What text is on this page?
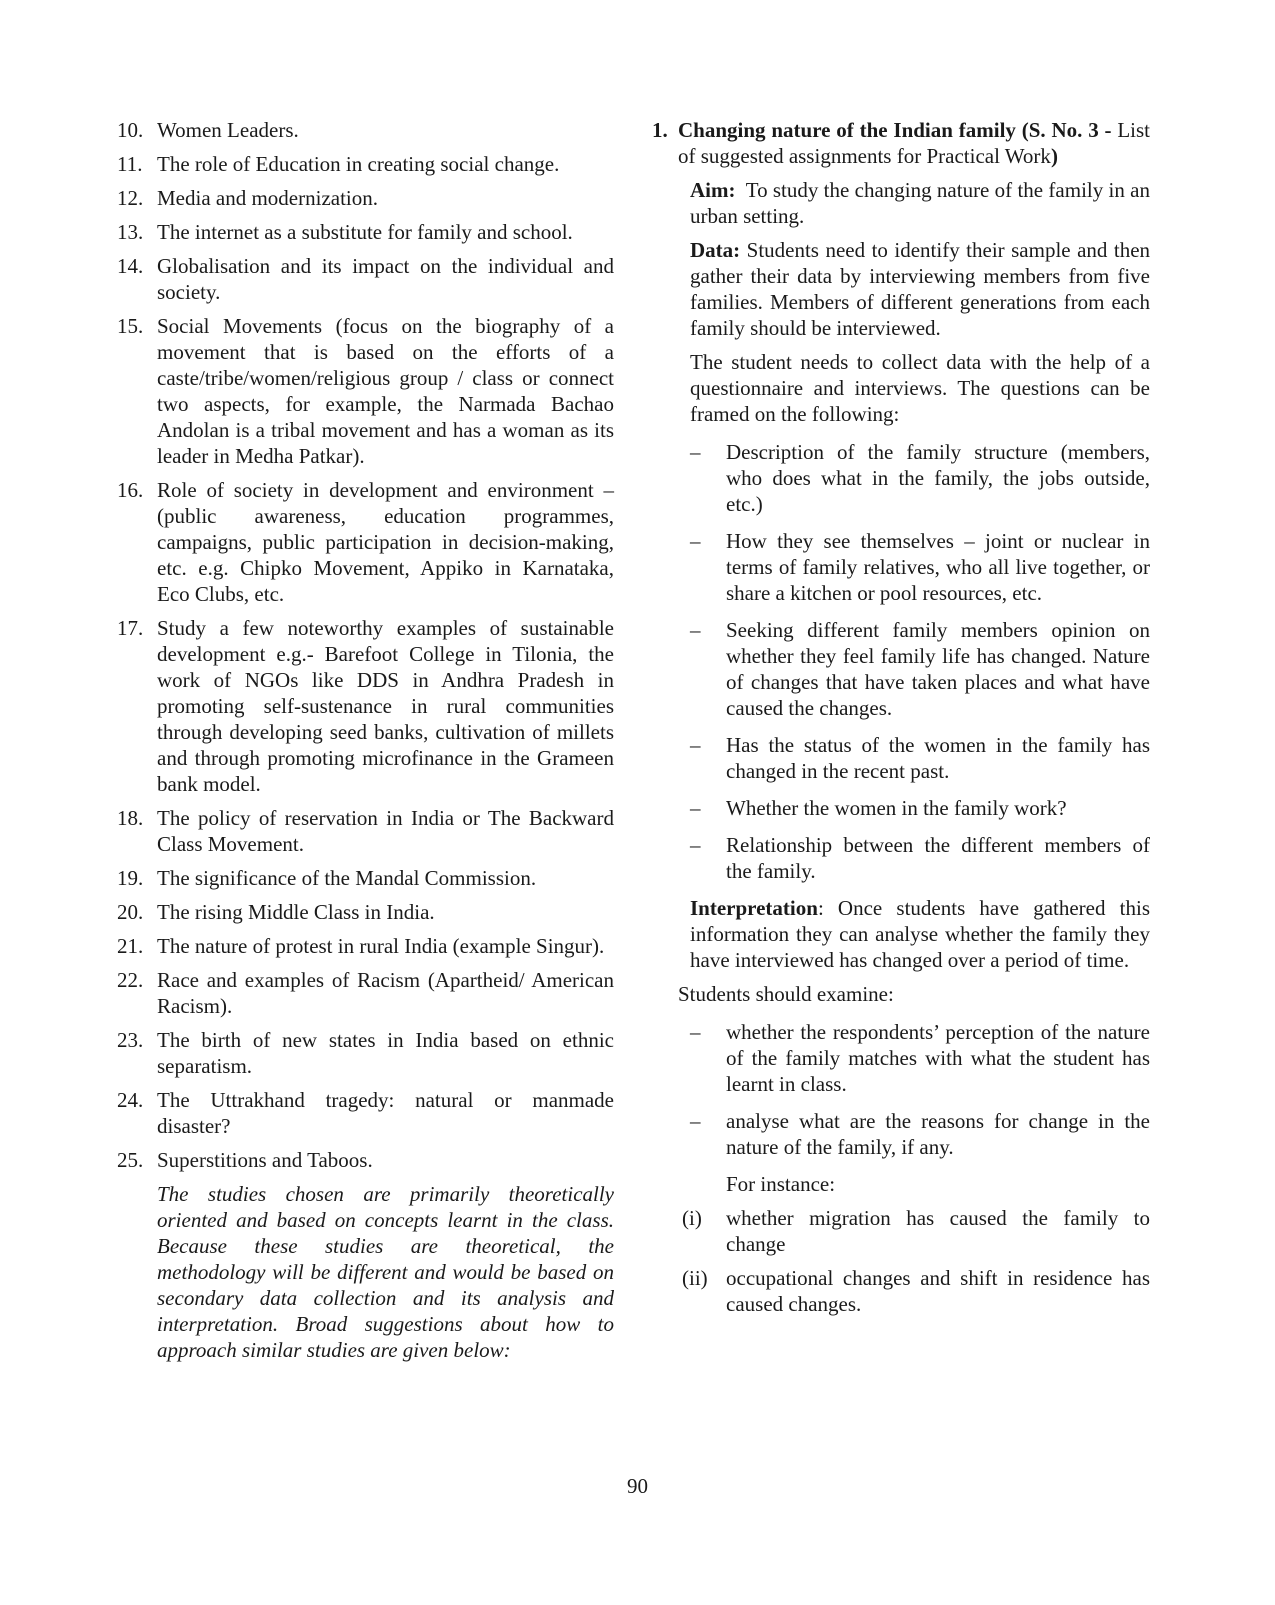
10. Women Leaders.
11. The role of Education in creating social change.
12. Media and modernization.
13. The internet as a substitute for family and school.
14. Globalisation and its impact on the individual and society.
15. Social Movements (focus on the biography of a movement that is based on the efforts of a caste/tribe/women/religious group / class or connect two aspects, for example, the Narmada Bachao Andolan is a tribal movement and has a woman as its leader in Medha Patkar).
16. Role of society in development and environment – (public awareness, education programmes, campaigns, public participation in decision-making, etc. e.g. Chipko Movement, Appiko in Karnataka, Eco Clubs, etc.
17. Study a few noteworthy examples of sustainable development e.g.- Barefoot College in Tilonia, the work of NGOs like DDS in Andhra Pradesh in promoting self-sustenance in rural communities through developing seed banks, cultivation of millets and through promoting microfinance in the Grameen bank model.
18. The policy of reservation in India or The Backward Class Movement.
19. The significance of the Mandal Commission.
20. The rising Middle Class in India.
21. The nature of protest in rural India (example Singur).
22. Race and examples of Racism (Apartheid/ American Racism).
23. The birth of new states in India based on ethnic separatism.
24. The Uttrakhand tragedy: natural or manmade disaster?
25. Superstitions and Taboos.

The studies chosen are primarily theoretically oriented and based on concepts learnt in the class. Because these studies are theoretical, the methodology will be different and would be based on secondary data collection and its analysis and interpretation. Broad suggestions about how to approach similar studies are given below:

1. Changing nature of the Indian family (S. No. 3 - List of suggested assignments for Practical Work)

Aim: To study the changing nature of the family in an urban setting.

Data: Students need to identify their sample and then gather their data by interviewing members from five families. Members of different generations from each family should be interviewed.

The student needs to collect data with the help of a questionnaire and interviews. The questions can be framed on the following:

–	Description of the family structure (members, who does what in the family, the jobs outside, etc.)
–	How they see themselves – joint or nuclear in terms of family relatives, who all live together, or share a kitchen or pool resources, etc.
–	Seeking different family members opinion on whether they feel family life has changed. Nature of changes that have taken places and what have caused the changes.
–	Has the status of the women in the family has changed in the recent past.
–	Whether the women in the family work?
–	Relationship between the different members of the family.

Interpretation: Once students have gathered this information they can analyse whether the family they have interviewed has changed over a period of time.

Students should examine:

–	whether the respondents’ perception of the nature of the family matches with what the student has learnt in class.
–	analyse what are the reasons for change in the nature of the family, if any.

For instance:

(i)	whether migration has caused the family to change
(ii) occupational changes and shift in residence has caused changes.
90
